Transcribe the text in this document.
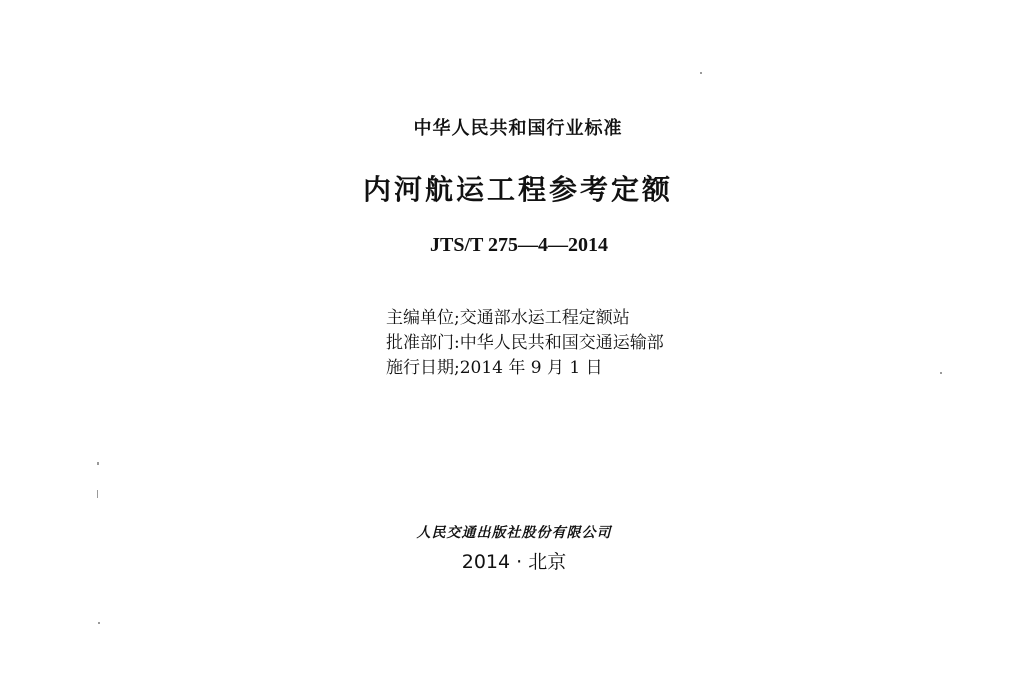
中华人民共和国行业标准
内河航运工程参考定额
JTS/T 275—4—2014
主编单位;交通部水运工程定额站
批准部门:中华人民共和国交通运输部
施行日期;2014 年 9 月 1 日
人民交通出版社股份有限公司
2014 · 北京
